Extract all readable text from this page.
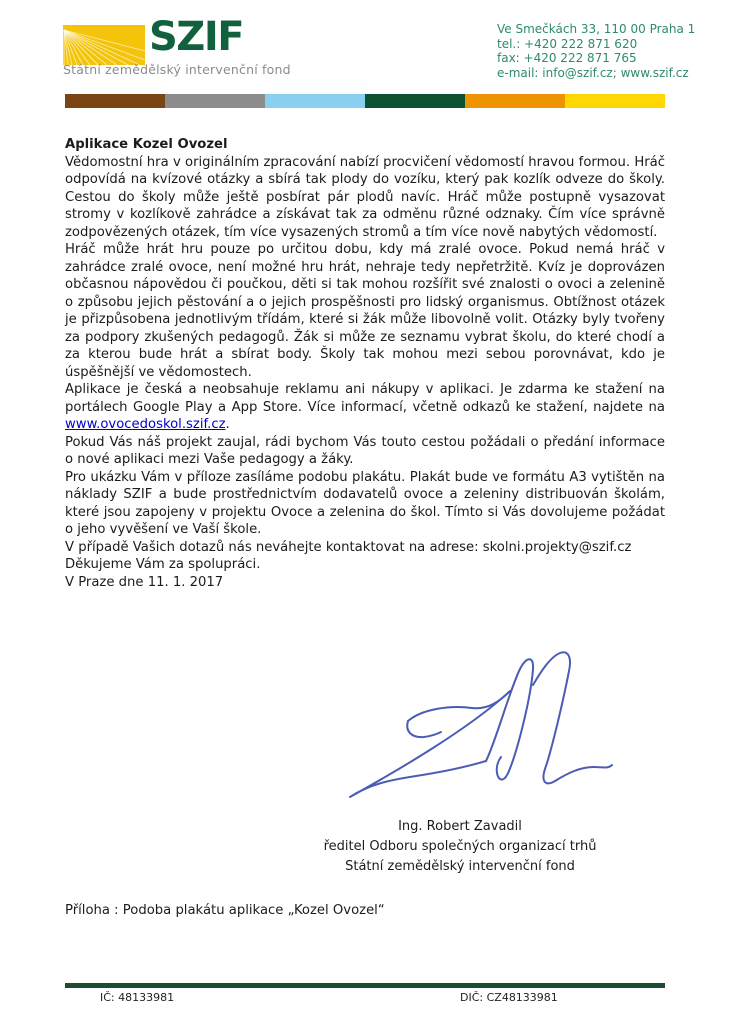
SZIF
Státní zemědělský intervenční fond
Ve Smečkách 33, 110 00 Praha 1
tel.: +420 222 871 620
fax: +420 222 871 765
e-mail: info@szif.cz; www.szif.cz

Aplikace Kozel Ovozel

Vědomostní hra v originálním zpracování nabízí procvičení vědomostí hravou formou. Hráč odpovídá na kvízové otázky a sbírá tak plody do vozíku, který pak kozlík odveze do školy. Cestou do školy může ještě posbírat pár plodů navíc. Hráč může postupně vysazovat stromy v kozlíkově zahrádce a získávat tak za odměnu různé odznaky. Čím více správně zodpovězených otázek, tím více vysazených stromů a tím více nově nabytých vědomostí.
Hráč může hrát hru pouze po určitou dobu, kdy má zralé ovoce. Pokud nemá hráč v zahrádce zralé ovoce, není možné hru hrát, nehraje tedy nepřetržitě. Kvíz je doprovázen občasnou nápovědou či poučkou, děti si tak mohou rozšířit své znalosti o ovoci a zelenině o způsobu jejich pěstování a o jejich prospěšnosti pro lidský organismus. Obtížnost otázek je přizpůsobena jednotlivým třídám, které si žák může libovolně volit. Otázky byly tvořeny za podpory zkušených pedagogů. Žák si může ze seznamu vybrat školu, do které chodí a za kterou bude hrát a sbírat body. Školy tak mohou mezi sebou porovnávat, kdo je úspěšnější ve vědomostech.

Aplikace je česká a neobsahuje reklamu ani nákupy v aplikaci. Je zdarma ke stažení na portálech Google Play a App Store. Více informací, včetně odkazů ke stažení, najdete na www.ovocedoskol.szif.cz.

Pokud Vás náš projekt zaujal, rádi bychom Vás touto cestou požádali o předání informace o nové aplikaci mezi Vaše pedagogy a žáky.

Pro ukázku Vám v příloze zasíláme podobu plakátu. Plakát bude ve formátu A3 vytištěn na náklady SZIF a bude prostřednictvím dodavatelů ovoce a zeleniny distribuován školám, které jsou zapojeny v projektu Ovoce a zelenina do škol. Tímto si Vás dovolujeme požádat o jeho vyvěšení ve Vaší škole.

V případě Vašich dotazů nás neváhejte kontaktovat na adrese: skolni.projekty@szif.cz

Děkujeme Vám za spolupráci.

V Praze dne 11. 1. 2017

Ing. Robert Zavadil
ředitel Odboru společných organizací trhů
Státní zemědělský intervenční fond
Příloha : Podoba plakátu aplikace „Kozel Ovozel“
IČ: 48133981	DIČ: CZ48133981
